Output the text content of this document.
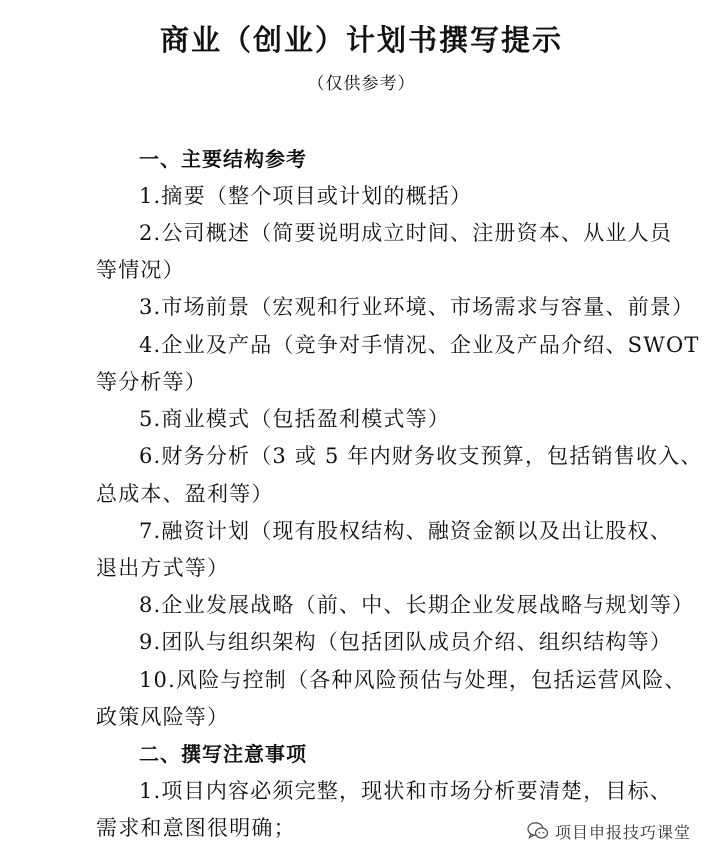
商业（创业）计划书撰写提示
（仅供参考）
一、主要结构参考
1.摘要（整个项目或计划的概括）
2.公司概述（简要说明成立时间、注册资本、从业人员
等情况）
3.市场前景（宏观和行业环境、市场需求与容量、前景）
4.企业及产品（竞争对手情况、企业及产品介绍、SWOT
等分析等）
5.商业模式（包括盈利模式等）
6.财务分析（3 或 5 年内财务收支预算，包括销售收入、
总成本、盈利等）
7.融资计划（现有股权结构、融资金额以及出让股权、
退出方式等）
8.企业发展战略（前、中、长期企业发展战略与规划等）
9.团队与组织架构（包括团队成员介绍、组织结构等）
10.风险与控制（各种风险预估与处理，包括运营风险、
政策风险等）
二、撰写注意事项
1.项目内容必须完整，现状和市场分析要清楚，目标、
需求和意图很明确；	项目申报技巧课堂
